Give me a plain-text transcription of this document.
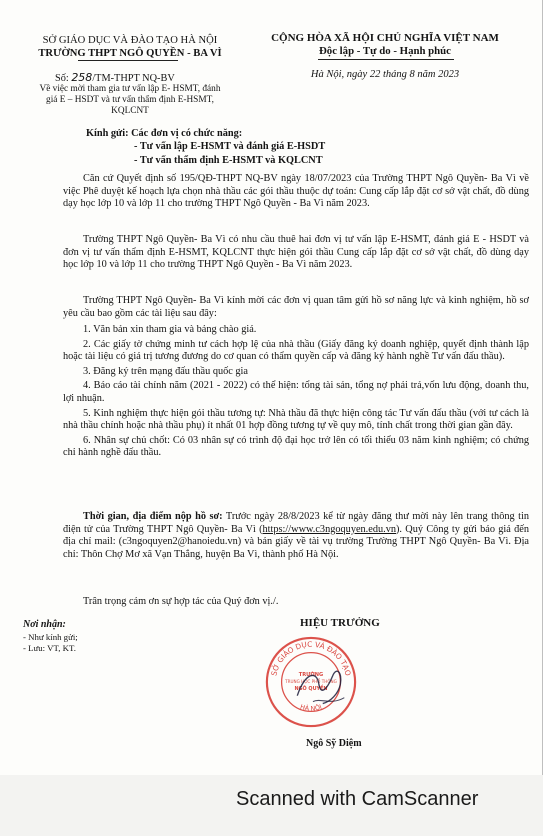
SỞ GIÁO DỤC VÀ ĐÀO TẠO HÀ NỘI
TRƯỜNG THPT NGÔ QUYỀN - BA VÌ
Số: 258/TM-THPT NQ-BV
Về việc mời tham gia tư vấn lập E- HSMT, đánh
giá E – HSDT và tư vấn thẩm định E-HSMT,
KQLCNT
CỘNG HÒA XÃ HỘI CHỦ NGHĨA VIỆT NAM
Độc lập - Tự do - Hạnh phúc
Hà Nội, ngày 22 tháng 8 năm 2023
Kính gửi: Các đơn vị có chức năng:
- Tư vấn lập E-HSMT và đánh giá E-HSDT
- Tư vấn thẩm định E-HSMT và KQLCNT
Căn cứ Quyết định số 195/QĐ-THPT NQ-BV ngày 18/07/2023 của Trường THPT Ngô Quyền- Ba Vì về việc Phê duyệt kế hoạch lựa chọn nhà thầu các gói thầu thuộc dự toán: Cung cấp lắp đặt cơ sở vật chất, đồ dùng dạy học lớp 10 và lớp 11 cho trường THPT Ngô Quyền - Ba Vì năm 2023.
Trường THPT Ngô Quyền- Ba Vì có nhu cầu thuê hai đơn vị tư vấn lập E-HSMT, đánh giá E - HSDT và đơn vị tư vấn thẩm định E-HSMT, KQLCNT thực hiện gói thầu Cung cấp lắp đặt cơ sở vật chất, đồ dùng dạy học lớp 10 và lớp 11 cho trường THPT Ngô Quyền - Ba Vì năm 2023.
Trường THPT Ngô Quyền- Ba Vì kính mời các đơn vị quan tâm gửi hồ sơ năng lực và kinh nghiệm, hồ sơ yêu cầu bao gồm các tài liệu sau đây:
1. Văn bản xin tham gia và bảng chào giá.
2. Các giấy tờ chứng minh tư cách hợp lệ của nhà thầu (Giấy đăng ký doanh nghiệp, quyết định thành lập hoặc tài liệu có giá trị tương đương do cơ quan có thẩm quyền cấp và đăng ký hành nghề Tư vấn đấu thầu).
3. Đăng ký trên mạng đấu thầu quốc gia
4. Báo cáo tài chính năm (2021 - 2022) có thể hiện: tổng tài sản, tổng nợ phải trả,vốn lưu động, doanh thu, lợi nhuận.
5. Kinh nghiệm thực hiện gói thầu tương tự: Nhà thầu đã thực hiện công tác Tư vấn đấu thầu (với tư cách là nhà thầu chính hoặc nhà thầu phụ) ít nhất 01 hợp đồng tương tự về quy mô, tính chất trong thời gian gần đây.
6. Nhân sự chủ chốt: Có 03 nhân sự có trình độ đại học trở lên có tối thiểu 03 năm kinh nghiệm; có chứng chỉ hành nghề đấu thầu.
Thời gian, địa điểm nộp hồ sơ: Trước ngày 28/8/2023 kể từ ngày đăng thư mời này lên trang thông tin điện tử của Trường THPT Ngô Quyền- Ba Vì (https://www.c3ngoquyen.edu.vn). Quý Công ty gửi báo giá đến địa chỉ mail: (c3ngoquyen2@hanoiedu.vn) và bản giấy về tài vụ trường Trường THPT Ngô Quyền- Ba Vì. Địa chỉ: Thôn Chợ Mơ xã Vạn Thắng, huyện Ba Vì, thành phố Hà Nội.
Trân trọng cảm ơn sự hợp tác của Quý đơn vị./.
Nơi nhận:
- Như kính gửi;
- Lưu: VT, KT.
HIỆU TRƯỞNG
SỞ GIÁO DỤC VÀ ĐÀO TẠO
TRƯỜNG
TRUNG HỌC PHỔ THÔNG
NGÔ QUYỀN
HÀ NỘI
Ngô Sỹ Diệm
Scanned with CamScanner
